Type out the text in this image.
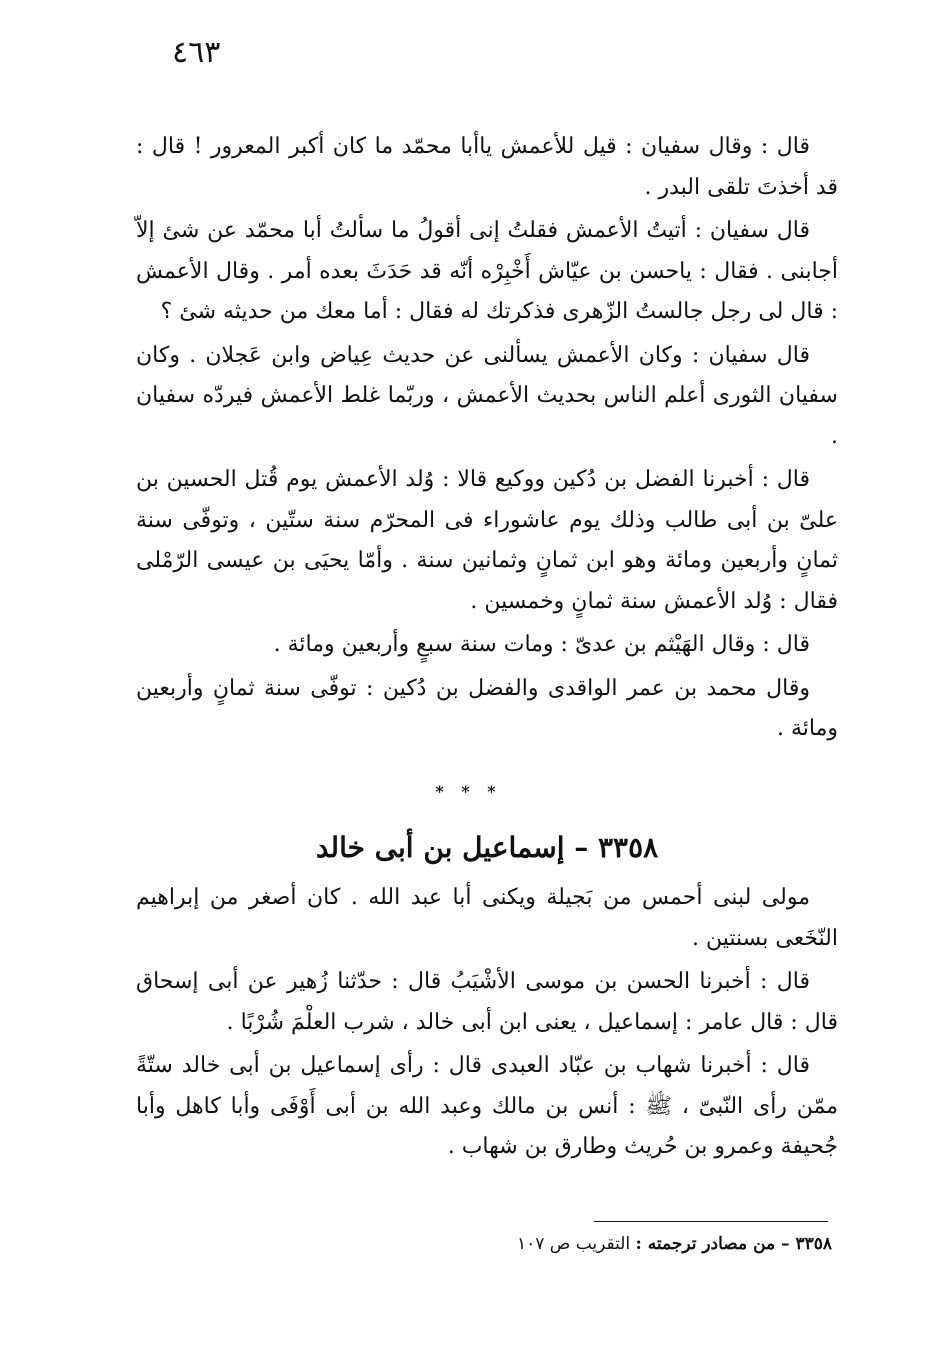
٤٦٣

قال : وقال سفيان : قيل للأعمش ياأبا محمّد ما كان أكبر المعرور ! قال : قد أخذتَ تلقى البدر .

قال سفيان : أتيتُ الأعمش فقلتُ إنى أقولُ ما سألتُ أبا محمّد عن شئ إلاّ أجابنى . فقال : ياحسن بن عيّاش أَخْبِرْه أنّه قد حَدَثَ بعده أمر . وقال الأعمش : قال لى رجل جالستُ الزّهرى فذكرتك له فقال : أما معك من حديثه شئ ؟

قال سفيان : وكان الأعمش يسألنى عن حديث عِياض وابن عَجلان . وكان سفيان الثورى أعلم الناس بحديث الأعمش ، وربّما غلط الأعمش فيردّه سفيان .

قال : أخبرنا الفضل بن دُكين ووكيع قالا : وُلد الأعمش يوم قُتل الحسين بن علىّ بن أبى طالب وذلك يوم عاشوراء فى المحرّم سنة ستّين ، وتوفّى سنة ثمانٍ وأربعين ومائة وهو ابن ثمانٍ وثمانين سنة . وأمّا يحيَى بن عيسى الرّمْلى فقال : وُلد الأعمش سنة ثمانٍ وخمسين .

قال : وقال الهَيْثم بن عدىّ : ومات سنة سبعٍ وأربعين ومائة .

وقال محمد بن عمر الواقدى والفضل بن دُكين : توفّى سنة ثمانٍ وأربعين ومائة .

* * *
٣٣٥٨ – إسماعيل بن أبى خالد

مولى لبنى أحمس من بَجيلة ويكنى أبا عبد الله . كان أصغر من إبراهيم النّخَعى بسنتين .

قال : أخبرنا الحسن بن موسى الأشْيَبُ قال : حدّثنا زُهير عن أبى إسحاق قال : قال عامر : إسماعيل ، يعنى ابن أبى خالد ، شرب العلْمَ شُرْبًا .

قال : أخبرنا شهاب بن عبّاد العبدى قال : رأى إسماعيل بن أبى خالد ستّةً ممّن رأى النّبىّ ، ﷺ : أنس بن مالك وعبد الله بن أبى أَوْفَى وأبا كاهل وأبا جُحيفة وعمرو بن حُريث وطارق بن شهاب .

٣٣٥٨ – من مصادر ترجمته : التقريب ص ١٠٧
